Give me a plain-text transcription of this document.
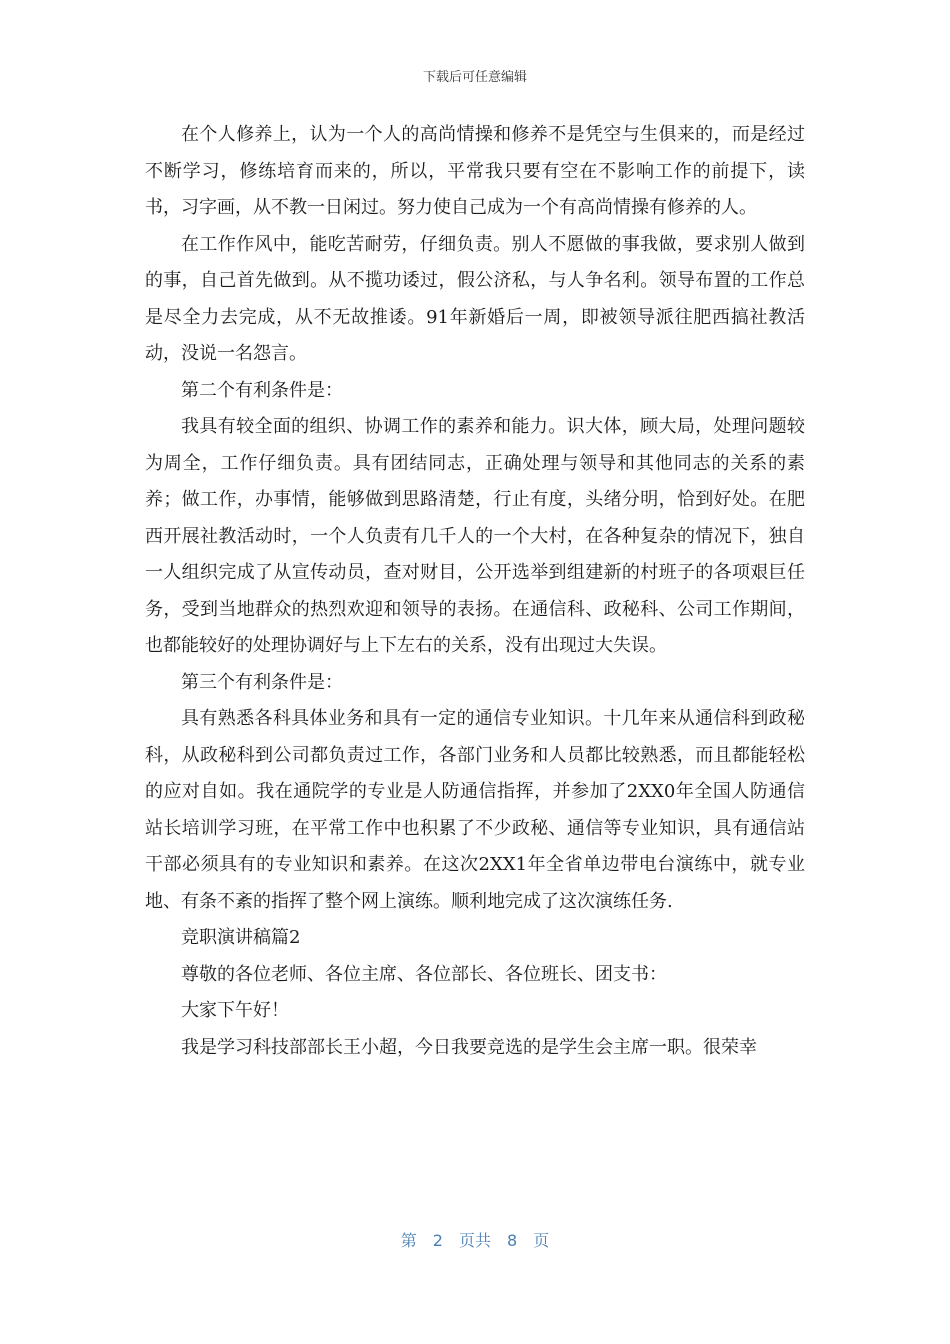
下载后可任意编辑

在个人修养上，认为一个人的高尚情操和修养不是凭空与生俱来的，而是经过不断学习，修练培育而来的，所以，平常我只要有空在不影响工作的前提下，读书，习字画，从不教一日闲过。努力使自己成为一个有高尚情操有修养的人。

在工作作风中，能吃苦耐劳，仔细负责。别人不愿做的事我做，要求别人做到的事，自己首先做到。从不揽功诿过，假公济私，与人争名利。领导布置的工作总是尽全力去完成，从不无故推诿。91年新婚后一周，即被领导派往肥西搞社教活动，没说一名怨言。

第二个有利条件是：

我具有较全面的组织、协调工作的素养和能力。识大体，顾大局，处理问题较为周全，工作仔细负责。具有团结同志，正确处理与领导和其他同志的关系的素养；做工作，办事情，能够做到思路清楚，行止有度，头绪分明，恰到好处。在肥西开展社教活动时，一个人负责有几千人的一个大村，在各种复杂的情况下，独自一人组织完成了从宣传动员，查对财目，公开选举到组建新的村班子的各项艰巨任务，受到当地群众的热烈欢迎和领导的表扬。在通信科、政秘科、公司工作期间，也都能较好的处理协调好与上下左右的关系，没有出现过大失误。

第三个有利条件是：

具有熟悉各科具体业务和具有一定的通信专业知识。十几年来从通信科到政秘科，从政秘科到公司都负责过工作，各部门业务和人员都比较熟悉，而且都能轻松的应对自如。我在通院学的专业是人防通信指挥，并参加了2XX0年全国人防通信站长培训学习班，在平常工作中也积累了不少政秘、通信等专业知识，具有通信站干部必须具有的专业知识和素养。在这次2XX1年全省单边带电台演练中，就专业地、有条不紊的指挥了整个网上演练。顺利地完成了这次演练任务.

竞职演讲稿篇2

尊敬的各位老师、各位主席、各位部长、各位班长、团支书：

大家下午好！

我是学习科技部部长王小超，今日我要竞选的是学生会主席一职。很荣幸

第 2 页共 8 页
